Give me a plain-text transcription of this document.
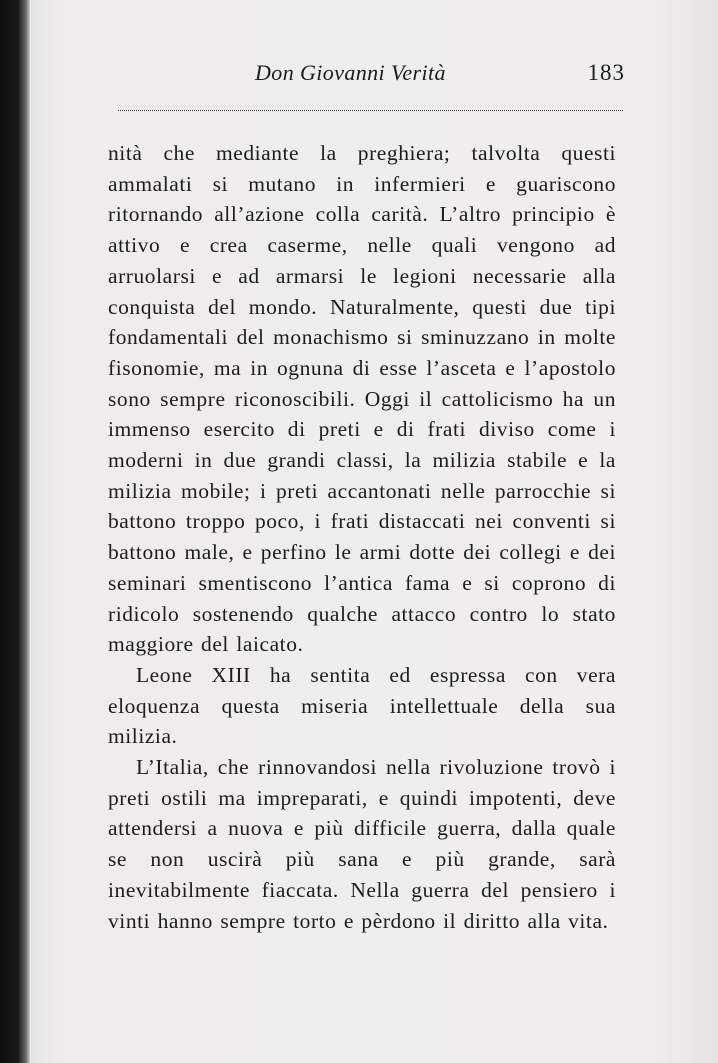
Don Giovanni Verità	183

nità che mediante la preghiera; talvolta questi ammalati si mutano in infermieri e guariscono ritornando all’azione colla carità. L’altro principio è attivo e crea caserme, nelle quali vengono ad arruolarsi e ad armarsi le legioni necessarie alla conquista del mondo. Naturalmente, questi due tipi fondamentali del monachismo si sminuzzano in molte fisonomie, ma in ognuna di esse l’asceta e l’apostolo sono sempre riconoscibili. Oggi il cattolicismo ha un immenso esercito di preti e di frati diviso come i moderni in due grandi classi, la milizia stabile e la milizia mobile; i preti accantonati nelle parrocchie si battono troppo poco, i frati distaccati nei conventi si battono male, e perfino le armi dotte dei collegi e dei seminari smentiscono l’antica fama e si coprono di ridicolo sostenendo qualche attacco contro lo stato maggiore del laicato.

Leone XIII ha sentita ed espressa con vera eloquenza questa miseria intellettuale della sua milizia.

L’Italia, che rinnovandosi nella rivoluzione trovò i preti ostili ma impreparati, e quindi impotenti, deve attendersi a nuova e più difficile guerra, dalla quale se non uscirà più sana e più grande, sarà inevitabilmente fiaccata. Nella guerra del pensiero i vinti hanno sempre torto e pèrdono il diritto alla vita.
